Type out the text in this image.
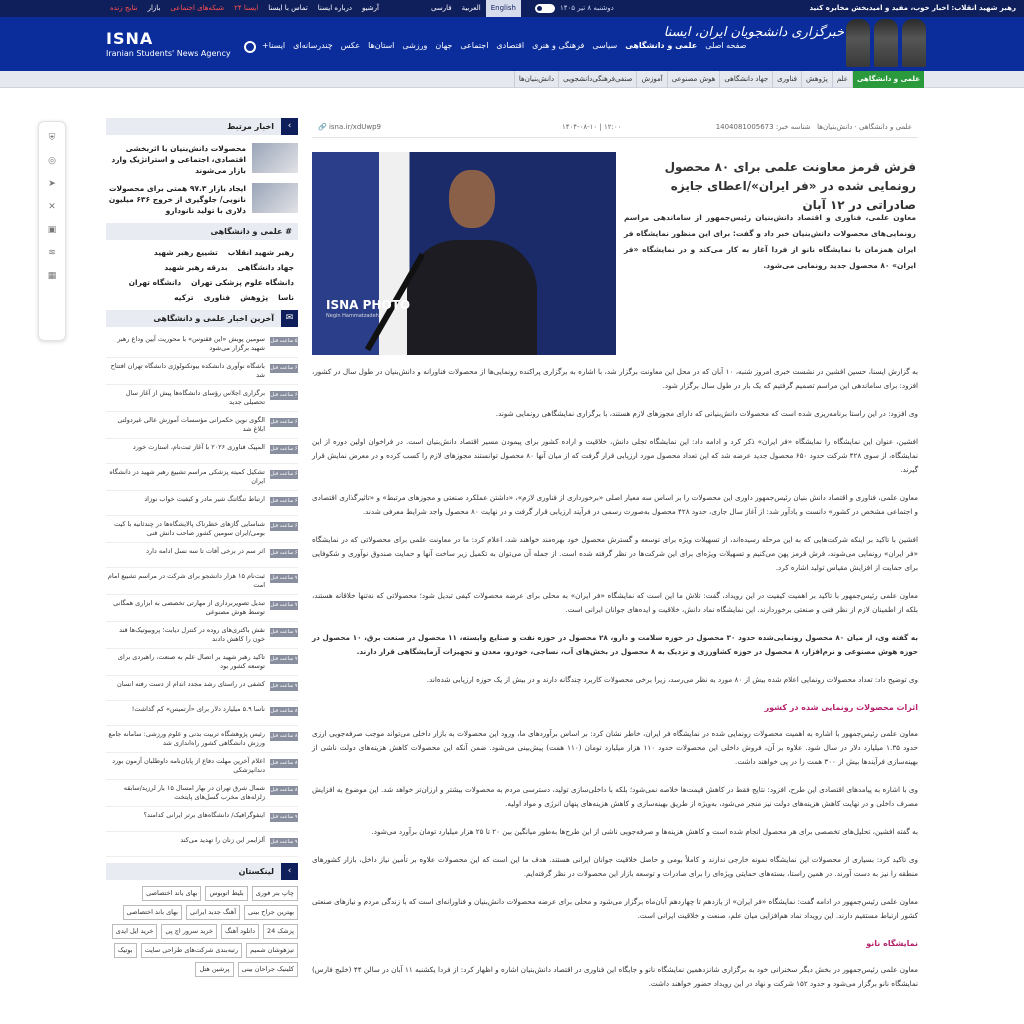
رهبر شهید انقلاب: اخبار خوب، مفید و امیدبخش مخابره کنید
دوشنبه ۸ تیر ۱۴۰۵
فارسی	العربیة	English
آرشیو
درباره ایسنا
تماس با ایسنا
ایسنا ۲۴
شبکه‌های اجتماعی
بازار
نتایج زنده
ISNA
Iranian Students' News Agency
صفحه اصلی
علمی و دانشگاهی
سیاسی
فرهنگی و هنری
اقتصادی
اجتماعی
جهان
ورزشی
استان‌ها
عکس
چندرسانه‌ای
ایسنا+
خبرگزاری دانشجویان ایران، ایسنا
علمی و دانشگاهی
علم
پژوهش
فناوری
جهاد دانشگاهی
هوش مصنوعی
آموزش
صنفی‌فرهنگی‌دانشجویی
دانش‌بنیان‌ها
⛨
◎
➤
✕
▣
≋
▦
علمی و دانشگاهی · دانش‌بنیان‌ها   شناسه خبر: 1404081005673
۱۴۰۴-۰۸-۱۰ | ۱۲:۰۰
🔗 isna.ir/xdUwp9
ISNA PHOTO
Negin Hammatzadeh
فرش قرمز معاونت علمی برای ۸۰ محصول رونمایی شده در «فر ایران»/اعطای جایزه صادراتی در ۱۲ آبان

معاون علمی، فناوری و اقتصاد دانش‌بنیان رئیس‌جمهور از ساماندهی مراسم رونمایی‌های محصولات دانش‌بنیان خبر داد و گفت: برای این منظور نمایشگاه فر ایران همزمان با نمایشگاه نانو از فردا آغاز به کار می‌کند و در نمایشگاه «فر ایران» ۸۰ محصول جدید رونمایی می‌شود.

به گزارش ایسنا، حسین افشین در نشست خبری امروز شنبه، ۱۰ آبان که در محل این معاونت برگزار شد، با اشاره به برگزاری پراکنده رونمایی‌ها از محصولات فناورانه و دانش‌بنیان در طول سال در کشور، افزود: برای ساماندهی این مراسم تصمیم گرفتیم که یک بار در طول سال برگزار شود.

وی افزود: در این راستا برنامه‌ریزی شده است که محصولات دانش‌بنیانی که دارای مجوزهای لازم هستند، با برگزاری نمایشگاهی رونمایی شوند.

افشین، عنوان این نمایشگاه را نمایشگاه «فر ایران» ذکر کرد و ادامه داد: این نمایشگاه تجلی دانش، خلاقیت و اراده کشور برای پیمودن مسیر اقتصاد دانش‌بنیان است. در فراخوان اولین دوره از این نمایشگاه، از سوی ۴۲۸ شرکت حدود ۶۵۰ محصول جدید عرضه شد که این تعداد محصول مورد ارزیابی قرار گرفت که از میان آنها ۸۰ محصول توانستند مجوزهای لازم را کسب کرده و در معرض نمایش قرار گیرند.

معاون علمی، فناوری و اقتصاد دانش بنیان رئیس‌جمهور داوری این محصولات را بر اساس سه معیار اصلی «برخورداری از فناوری لازم»، «داشتن عملکرد صنعتی و مجوزهای مرتبط» و «تاثیرگذاری اقتصادی و اجتماعی مشخص در کشور» دانست و یادآور شد: از آغاز سال جاری، حدود ۴۲۸ محصول به‌صورت رسمی در فرآیند ارزیابی قرار گرفت و در نهایت ۸۰ محصول واجد شرایط معرفی شدند.

افشین با تاکید بر اینکه شرکت‌هایی که به این مرحله رسیده‌اند، از تسهیلات ویژه برای توسعه و گسترش محصول خود بهره‌مند خواهند شد، اعلام کرد: ما در معاونت علمی برای محصولاتی که در نمایشگاه «فر ایران» رونمایی می‌شوند، فرش قرمز پهن می‌کنیم و تسهیلات ویژه‌ای برای این شرکت‌ها در نظر گرفته شده است. از جمله آن می‌توان به تکمیل زیر ساخت آنها و حمایت صندوق نوآوری و شکوفایی برای حمایت از افزایش مقیاس تولید اشاره کرد.

معاون علمی رئیس‌جمهور با تاکید بر اهمیت کیفیت در این رویداد، گفت: تلاش ما این است که نمایشگاه «فر ایران» به محلی برای عرضه محصولات کیفی تبدیل شود؛ محصولاتی که نه‌تنها خلاقانه هستند، بلکه از اطمینان لازم از نظر فنی و صنعتی برخوردارند. این نمایشگاه نماد دانش، خلاقیت و ایده‌های جوانان ایرانی است.

به گفته وی، از میان ۸۰ محصول رونمایی‌شده حدود ۳۰ محصول در حوزه سلامت و دارو، ۲۸ محصول در حوزه نفت و صنایع وابسته، ۱۱ محصول در صنعت برق، ۱۰ محصول در حوزه هوش مصنوعی و نرم‌افزار، ۸ محصول در حوزه کشاورزی و نزدیک به ۸ محصول در بخش‌های آب، نساجی، خودرو، معدن و تجهیزات آزمایشگاهی قرار دارند.

وی توضیح داد: تعداد محصولات رونمایی اعلام شده بیش از ۸۰ مورد به نظر می‌رسد، زیرا برخی محصولات کاربرد چندگانه دارند و در بیش از یک حوزه ارزیابی شده‌اند.

اثرات محصولات رونمایی شده در کشور

معاون علمی رئیس‌جمهور با اشاره به اهمیت محصولات رونمایی شده در نمایشگاه فر ایران، خاطر نشان کرد: بر اساس برآوردهای ما، ورود این محصولات به بازار داخلی می‌تواند موجب صرفه‌جویی ارزی حدود ۱.۳۵ میلیارد دلار در سال شود. علاوه بر آن، فروش داخلی این محصولات حدود ۱۱۰ هزار میلیارد تومان (۱۱۰ همت) پیش‌بینی می‌شود. ضمن آنکه این محصولات کاهش هزینه‌های دولت ناشی از بهینه‌سازی فرآیندها بیش از ۳۰۰ همت را در پی خواهند داشت.

وی با اشاره به پیامدهای اقتصادی این طرح، افزود: نتایج فقط در کاهش قیمت‌ها خلاصه نمی‌شود؛ بلکه با داخلی‌سازی تولید، دسترسی مردم به محصولات بیشتر و ارزان‌تر خواهد شد. این موضوع به افزایش مصرف داخلی و در نهایت کاهش هزینه‌های دولت نیز منجر می‌شود، به‌ویژه از طریق بهینه‌سازی و کاهش هزینه‌های پنهان انرژی و مواد اولیه.

به گفته افشین، تحلیل‌های تخصصی برای هر محصول انجام شده است و کاهش هزینه‌ها و صرفه‌جویی ناشی از این طرح‌ها به‌طور میانگین بین ۲۰ تا ۲۵ هزار میلیارد تومان برآورد می‌شود.

وی تاکید کرد: بسیاری از محصولات این نمایشگاه نمونه خارجی ندارند و کاملاً بومی و حاصل خلاقیت جوانان ایرانی هستند. هدف ما این است که این محصولات علاوه بر تأمین نیاز داخل، بازار کشورهای منطقه را نیز به دست آورند. در همین راستا، بسته‌های حمایتی ویژه‌ای را برای صادرات و توسعه بازار این محصولات در نظر گرفته‌ایم.

معاون علمی رئیس‌جمهور در ادامه گفت: نمایشگاه «فر ایران» از یازدهم تا چهاردهم آبان‌ماه برگزار می‌شود و محلی برای عرضه محصولات دانش‌بنیان و فناورانه‌ای است که با زندگی مردم و نیازهای صنعتی کشور ارتباط مستقیم دارند. این رویداد نماد هم‌افزایی میان علم، صنعت و خلاقیت ایرانی است.

نمایشگاه نانو

معاون علمی رئیس‌جمهور در بخش دیگر سخنرانی خود به برگزاری شانزدهمین نمایشگاه نانو و جایگاه این فناوری در اقتصاد دانش‌بنیان اشاره و اظهار کرد: از فردا یکشنبه ۱۱ آبان در سالن ۴۴ (خلیج فارس) نمایشگاه نانو برگزار می‌شود و حدود ۱۵۲ شرکت و نهاد در این رویداد حضور خواهند داشت.

›
اخبار مرتبط
محصولات دانش‌بنیان با اثربخشی اقتصادی، اجتماعی و استراتژیک وارد بازار می‌شوند
ایجاد بازار ۹۷.۳ همتی برای محصولات نانویی/ جلوگیری از خروج ۶۳۶ میلیون دلاری با تولید نانودارو
# علمی و دانشگاهی
رهبر شهید انقلاب
تشییع رهبر شهید
جهاد دانشگاهی
بدرقه رهبر شهید
دانشگاه علوم پزشکی تهران
دانشگاه تهران
ناسا
پژوهش
فناوری
ترکیه
✉
آخرین اخبار علمی و دانشگاهی
۵ ساعت قبل
سومین پویش «این ققنوس» با محوریت آیین وداع رهبر شهید برگزار می‌شود
۶ ساعت قبل
باشگاه نوآوری دانشکده بیوتکنولوژی دانشگاه تهران افتتاح شد
۶ ساعت قبل
برگزاری اجلاس رؤسای دانشگاه‌ها پیش از آغاز سال تحصیلی جدید
۶ ساعت قبل
الگوی نوین حکمرانی مؤسسات آموزش عالی غیردولتی ابلاغ شد
۶ ساعت قبل
المپیک فناوری ۲۰۲۶ با آغاز ثبت‌نام، استارت خورد
۶ ساعت قبل
تشکیل کمیته پزشکی مراسم تشییع رهبر شهید در دانشگاه ایران
۶ ساعت قبل
ارتباط تنگاتنگ شیر مادر و کیفیت خواب نوزاد
۶ ساعت قبل
شناسایی گازهای خطرناک پالایشگاه‌ها در چندثانیه با کیت بومی/ایران سومین کشور صاحب دانش فنی
۶ ساعت قبل
اثر سم در برخی آفات تا سه نسل ادامه دارد
۷ ساعت قبل
ثبت‌نام ۱۵ هزار دانشجو برای شرکت در مراسم تشییع امام امت
۷ ساعت قبل
تبدیل تصویربرداری از مهارتی تخصصی به ابزاری همگانی توسط هوش مصنوعی
۷ ساعت قبل
نقش باکتری‌های روده در کنترل دیابت؛ پروبیوتیک‌ها قند خون را کاهش دادند
۷ ساعت قبل
تاکید رهبر شهید بر اتصال علم به صنعت، راهبردی برای توسعه کشور بود
۷ ساعت قبل
کشفی در راستای رشد مجدد اندام از دست رفته انسان
۸ ساعت قبل
ناسا ۵.۹ میلیارد دلار برای «آرتمیس» کم گذاشت!
۸ ساعت قبل
رئیس پژوهشگاه تربیت بدنی و علوم ورزشی: سامانه جامع ورزش دانشگاهی کشور راه‌اندازی شد
۸ ساعت قبل
اعلام آخرین مهلت دفاع از پایان‌نامه داوطلبان آزمون بورد دندانپزشکی
۸ ساعت قبل
شمال شرق تهران در بهار امسال ۱۵ بار لرزید/سابقه زلزله‌های مخرب گسل‌های پایتخت
۹ ساعت قبل
اینفوگرافیک/ دانشگاه‌های برتر ایرانی کدامند؟
۹ ساعت قبل
آلزایمر این زنان را تهدید می‌کند
›
لینکستان
چاپ بنر فوری
بلیط اتوبوس
بهای باند اختصاصی
بهترین جراح بینی
آهنگ جدید ایرانی
بهای باند اختصاصی
پزشک 24
دانلود آهنگ
خرید سرور اچ پی
خرید ایل ایدی
تیزهوشان شمیم
رتبه‌بندی شرکت‌های طراحی سایت
بوتیک
کلینیک جراحان بینی
پرشین هتل
